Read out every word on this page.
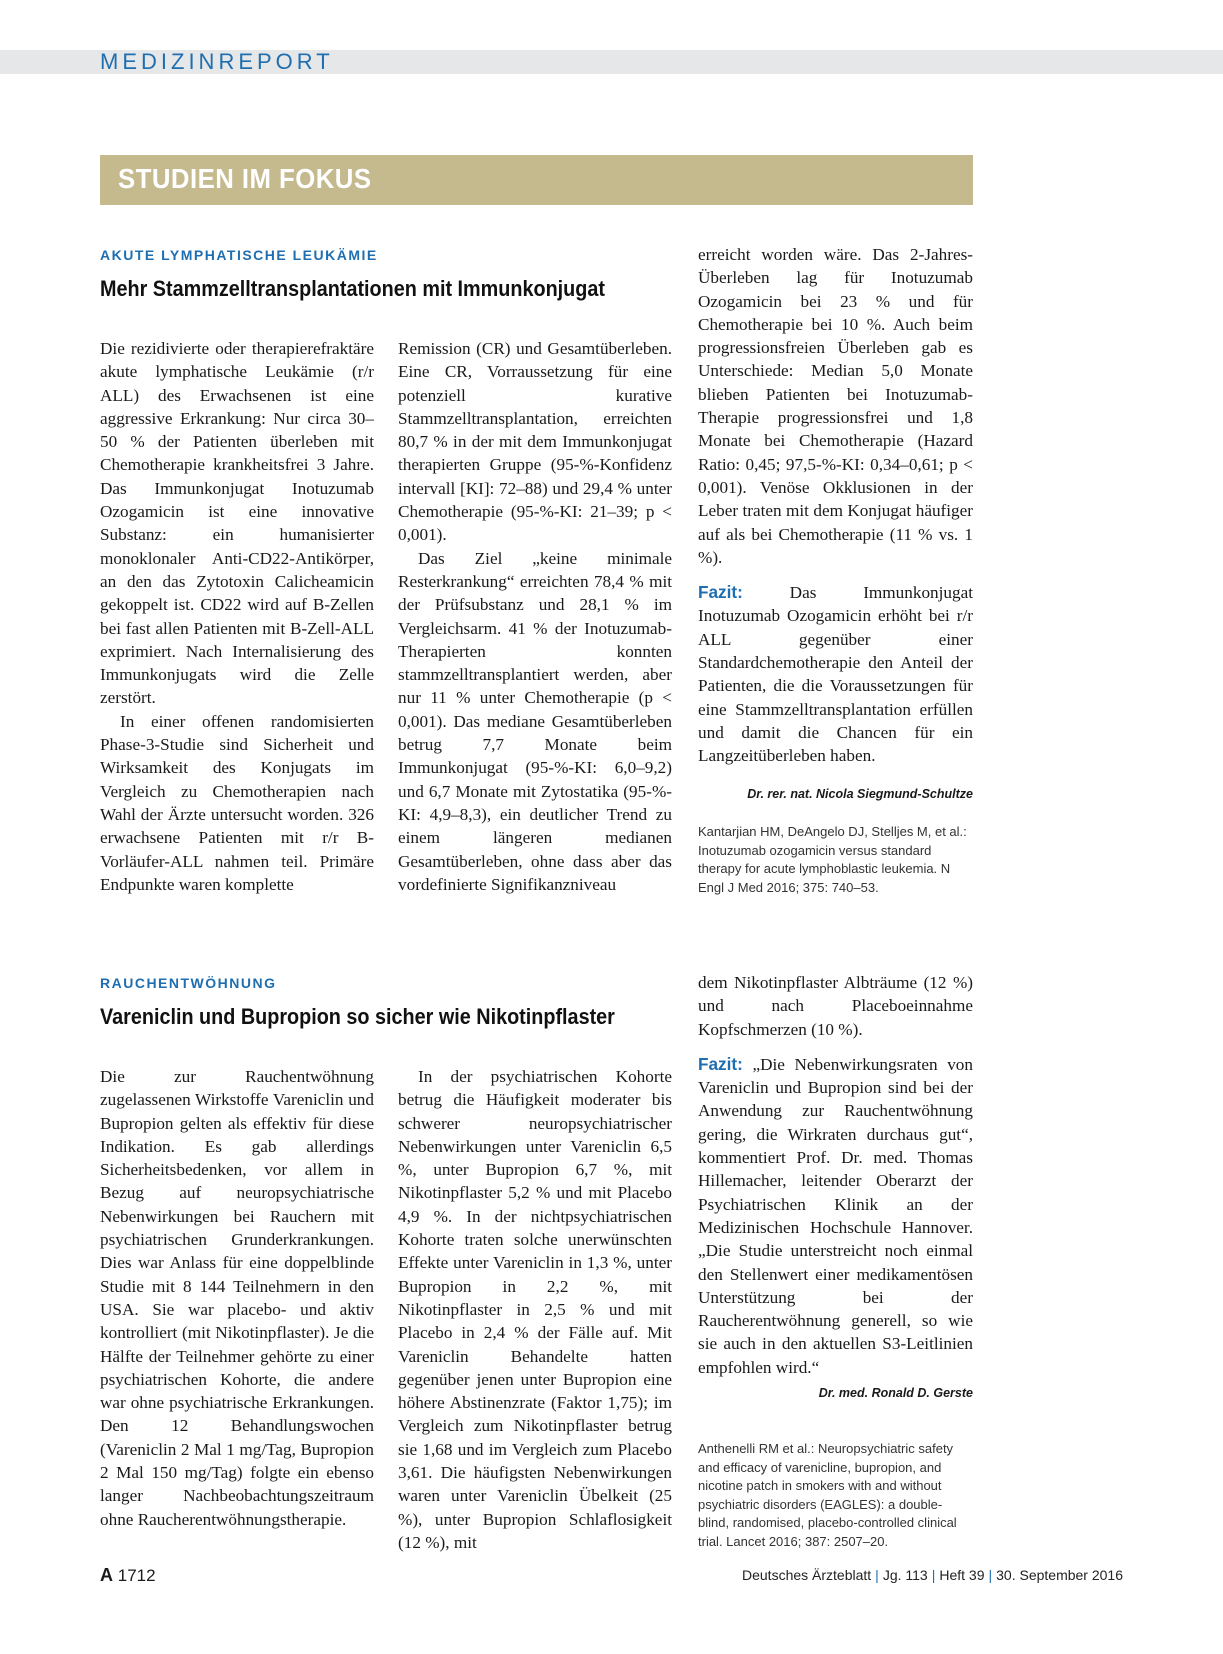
MEDIZINREPORT
STUDIEN IM FOKUS
AKUTE LYMPHATISCHE LEUKÄMIE
Mehr Stammzelltransplantationen mit Immunkonjugat

Die rezidivierte oder therapierefraktäre akute lymphatische Leukämie (r/r ALL) des Erwachsenen ist eine aggressive Erkrankung: Nur circa 30–50 % der Patienten überleben mit Chemotherapie krankheitsfrei 3 Jahre. Das Immunkonjugat Inotuzumab Ozogamicin ist eine innovative Substanz: ein humanisierter monoklonaler Anti-CD22-Antikörper, an den das Zytotoxin Calicheamicin gekoppelt ist. CD22 wird auf B-Zellen bei fast allen Patienten mit B-Zell-ALL exprimiert. Nach Internalisierung des Immunkonjugats wird die Zelle zerstört.

In einer offenen randomisierten Phase-3-Studie sind Sicherheit und Wirksamkeit des Konjugats im Vergleich zu Chemotherapien nach Wahl der Ärzte untersucht worden. 326 erwachsene Patienten mit r/r B-Vorläufer-ALL nahmen teil. Primäre Endpunkte waren komplette

Remission (CR) und Gesamtüberleben. Eine CR, Vorraussetzung für eine potenziell kurative Stammzelltransplantation, erreichten 80,7 % in der mit dem Immunkonjugat therapierten Gruppe (95-%-Konfidenz intervall [KI]: 72–88) und 29,4 % unter Chemotherapie (95-%-KI: 21–39; p < 0,001).

Das Ziel „keine minimale Resterkrankung“ erreichten 78,4 % mit der Prüfsubstanz und 28,1 % im Vergleichsarm. 41 % der Inotuzumab-Therapierten konnten stammzelltransplantiert werden, aber nur 11 % unter Chemotherapie (p < 0,001). Das mediane Gesamtüberleben betrug 7,7 Monate beim Immunkonjugat (95-%-KI: 6,0–9,2) und 6,7 Monate mit Zytostatika (95-%-KI: 4,9–8,3), ein deutlicher Trend zu einem längeren medianen Gesamtüberleben, ohne dass aber das vordefinierte Signifikanzniveau

erreicht worden wäre. Das 2-Jahres-Überleben lag für Inotuzumab Ozogamicin bei 23 % und für Chemotherapie bei 10 %. Auch beim progressionsfreien Überleben gab es Unterschiede: Median 5,0 Monate blieben Patienten bei Inotuzumab-Therapie progressionsfrei und 1,8 Monate bei Chemotherapie (Hazard Ratio: 0,45; 97,5-%-KI: 0,34–0,61; p < 0,001). Venöse Okklusionen in der Leber traten mit dem Konjugat häufiger auf als bei Chemotherapie (11 % vs. 1 %).

Fazit: Das Immunkonjugat Inotuzumab Ozogamicin erhöht bei r/r ALL gegenüber einer Standardchemotherapie den Anteil der Patienten, die die Voraussetzungen für eine Stammzelltransplantation erfüllen und damit die Chancen für ein Langzeitüberleben haben.

Dr. rer. nat. Nicola Siegmund-Schultze
Kantarjian HM, DeAngelo DJ, Stelljes M, et al.: Inotuzumab ozogamicin versus standard therapy for acute lymphoblastic leukemia. N Engl J Med 2016; 375: 740–53.
RAUCHENTWÖHNUNG
Vareniclin und Bupropion so sicher wie Nikotinpflaster

Die zur Rauchentwöhnung zugelassenen Wirkstoffe Vareniclin und Bupropion gelten als effektiv für diese Indikation. Es gab allerdings Sicherheitsbedenken, vor allem in Bezug auf neuropsychiatrische Nebenwirkungen bei Rauchern mit psychiatrischen Grunderkrankungen. Dies war Anlass für eine doppelblinde Studie mit 8 144 Teilnehmern in den USA. Sie war placebo- und aktiv kontrolliert (mit Nikotinpflaster). Je die Hälfte der Teilnehmer gehörte zu einer psychiatrischen Kohorte, die andere war ohne psychiatrische Erkrankungen. Den 12 Behandlungswochen (Vareniclin 2 Mal 1 mg/Tag, Bupropion 2 Mal 150 mg/Tag) folgte ein ebenso langer Nachbeobachtungszeitraum ohne Raucherentwöhnungstherapie.

In der psychiatrischen Kohorte betrug die Häufigkeit moderater bis schwerer neuropsychiatrischer Nebenwirkungen unter Vareniclin 6,5 %, unter Bupropion 6,7 %, mit Nikotinpflaster 5,2 % und mit Placebo 4,9 %. In der nichtpsychiatrischen Kohorte traten solche unerwünschten Effekte unter Vareniclin in 1,3 %, unter Bupropion in 2,2 %, mit Nikotinpflaster in 2,5 % und mit Placebo in 2,4 % der Fälle auf. Mit Vareniclin Behandelte hatten gegenüber jenen unter Bupropion eine höhere Abstinenzrate (Faktor 1,75); im Vergleich zum Nikotinpflaster betrug sie 1,68 und im Vergleich zum Placebo 3,61. Die häufigsten Nebenwirkungen waren unter Vareniclin Übelkeit (25 %), unter Bupropion Schlaflosigkeit (12 %), mit

dem Nikotinpflaster Albträume (12 %) und nach Placeboeinnahme Kopfschmerzen (10 %).

Fazit: „Die Nebenwirkungsraten von Vareniclin und Bupropion sind bei der Anwendung zur Rauchentwöhnung gering, die Wirkraten durchaus gut“, kommentiert Prof. Dr. med. Thomas Hillemacher, leitender Oberarzt der Psychiatrischen Klinik an der Medizinischen Hochschule Hannover. „Die Studie unterstreicht noch einmal den Stellenwert einer medikamentösen Unterstützung bei der Raucherentwöhnung generell, so wie sie auch in den aktuellen S3-Leitlinien empfohlen wird.“
Dr. med. Ronald D. Gerste

Anthenelli RM et al.: Neuropsychiatric safety and efficacy of varenicline, bupropion, and nicotine patch in smokers with and without psychiatric disorders (EAGLES): a double-blind, randomised, placebo-controlled clinical trial. Lancet 2016; 387: 2507–20.
A 1712	Deutsches Ärzteblatt | Jg. 113 | Heft 39 | 30. September 2016
